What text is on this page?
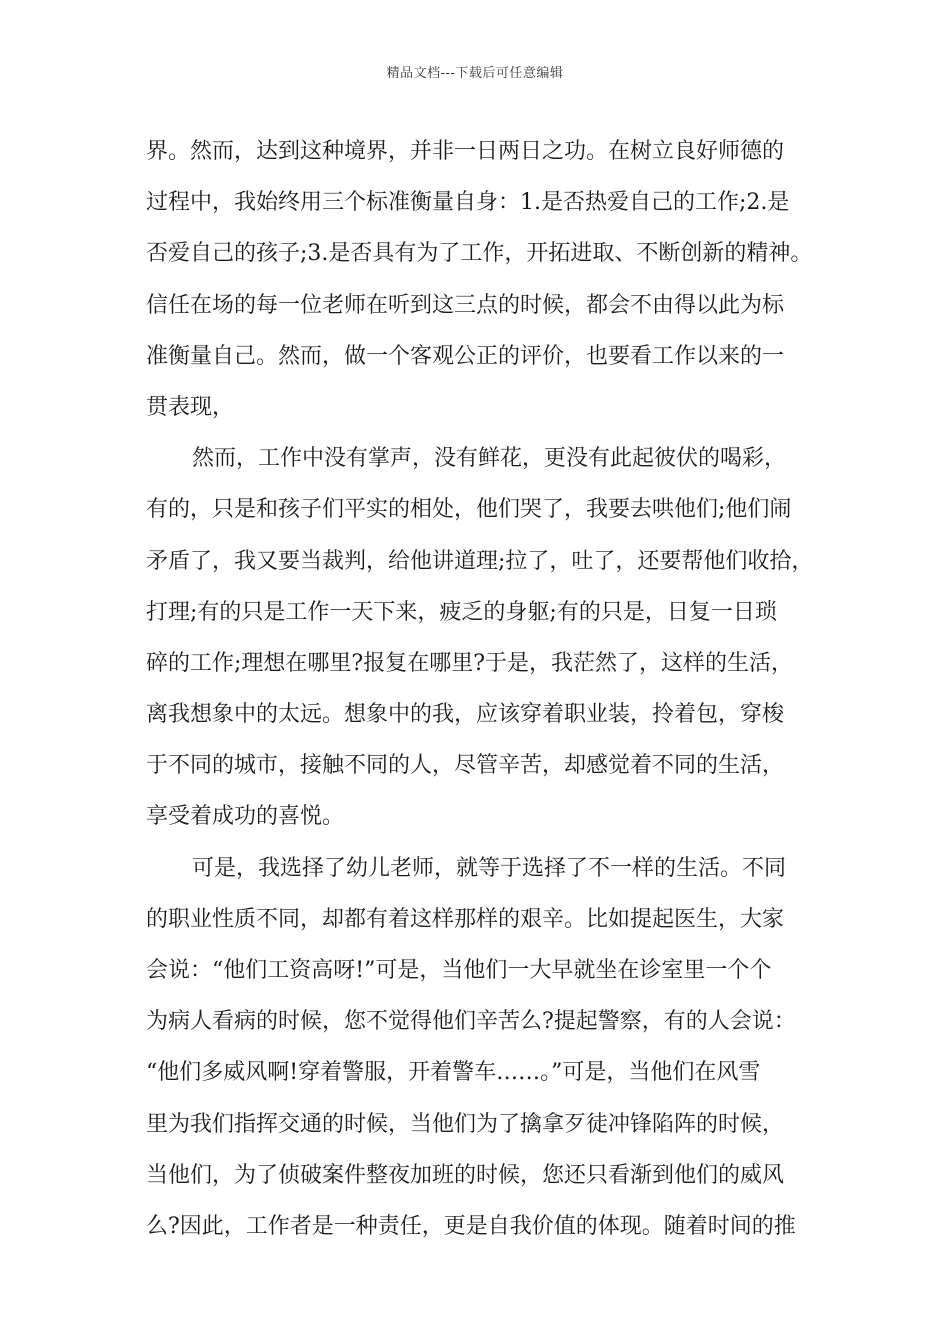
精品文档---下载后可任意编辑
界。然而，达到这种境界，并非一日两日之功。在树立良好师德的
过程中，我始终用三个标准衡量自身：1.是否热爱自己的工作;2.是
否爱自己的孩子;3.是否具有为了工作，开拓进取、不断创新的精神。
信任在场的每一位老师在听到这三点的时候，都会不由得以此为标
准衡量自己。然而，做一个客观公正的评价，也要看工作以来的一
贯表现，
然而，工作中没有掌声，没有鲜花，更没有此起彼伏的喝彩，
有的，只是和孩子们平实的相处，他们哭了，我要去哄他们;他们闹
矛盾了，我又要当裁判，给他讲道理;拉了，吐了，还要帮他们收拾，
打理;有的只是工作一天下来，疲乏的身躯;有的只是，日复一日琐
碎的工作;理想在哪里?报复在哪里?于是，我茫然了，这样的生活，
离我想象中的太远。想象中的我，应该穿着职业装，拎着包，穿梭
于不同的城市，接触不同的人，尽管辛苦，却感觉着不同的生活，
享受着成功的喜悦。
可是，我选择了幼儿老师，就等于选择了不一样的生活。不同
的职业性质不同，却都有着这样那样的艰辛。比如提起医生，大家
会说：“他们工资高呀!”可是，当他们一大早就坐在诊室里一个个
为病人看病的时候，您不觉得他们辛苦么?提起警察，有的人会说：
“他们多威风啊!穿着警服，开着警车……。”可是，当他们在风雪
里为我们指挥交通的时候，当他们为了擒拿歹徒冲锋陷阵的时候，
当他们，为了侦破案件整夜加班的时候，您还只看渐到他们的威风
么?因此，工作者是一种责任，更是自我价值的体现。随着时间的推
